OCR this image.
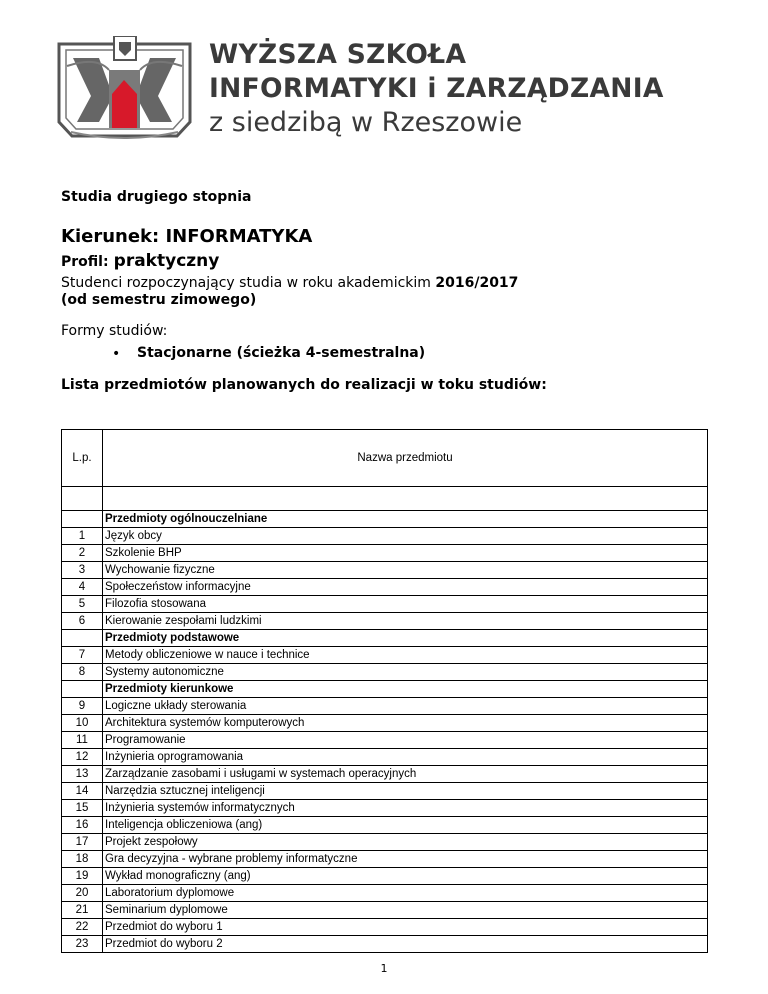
WYŻSZA SZKOŁA
INFORMATYKI i ZARZĄDZANIA
z siedzibą w Rzeszowie
Studia drugiego stopnia
Kierunek: INFORMATYKA
Profil: praktyczny
Studenci rozpoczynający studia w roku akademickim 2016/2017
(od semestru zimowego)
Formy studiów:
• Stacjonarne (ścieżka 4-semestralna)
Lista przedmiotów planowanych do realizacji w toku studiów:
L.p.	Nazwa przedmiotu

	Przedmioty ogólnouczelniane
1	Język obcy
2	Szkolenie BHP
3	Wychowanie fizyczne
4	Społeczeństow informacyjne
5	Filozofia stosowana
6	Kierowanie zespołami ludzkimi
	Przedmioty podstawowe
7	Metody obliczeniowe w nauce i technice
8	Systemy autonomiczne
	Przedmioty kierunkowe
9	Logiczne układy sterowania
10	Architektura systemów komputerowych
11	Programowanie
12	Inżynieria oprogramowania
13	Zarządzanie zasobami i usługami w systemach operacyjnych
14	Narzędzia sztucznej inteligencji
15	Inżynieria systemów informatycznych
16	Inteligencja obliczeniowa (ang)
17	Projekt zespołowy
18	Gra decyzyjna - wybrane problemy informatyczne
19	Wykład monograficzny (ang)
20	Laboratorium dyplomowe
21	Seminarium dyplomowe
22	Przedmiot do wyboru 1
23	Przedmiot do wyboru 2
1
